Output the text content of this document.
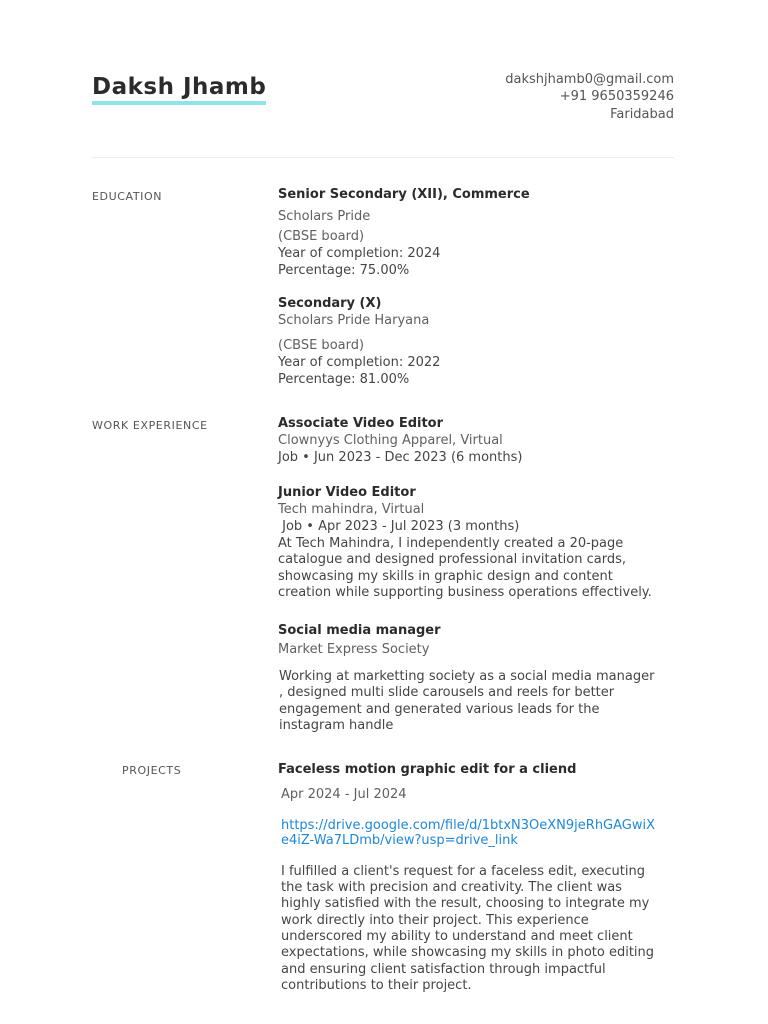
Daksh Jhamb	dakshjhamb0@gmail.com
+91 9650359246
Faridabad
EDUCATION	Senior Secondary (XII), Commerce
Scholars Pride
(CBSE board)
Year of completion: 2024
Percentage: 75.00%
Secondary (X)
Scholars Pride Haryana
(CBSE board)
Year of completion: 2022
Percentage: 81.00%
WORK EXPERIENCE	Associate Video Editor
Clownyys Clothing Apparel, Virtual
Job • Jun 2023 - Dec 2023 (6 months)
Junior Video Editor
Tech mahindra, Virtual
Job • Apr 2023 - Jul 2023 (3 months)
At Tech Mahindra, I independently created a 20-page
catalogue and designed professional invitation cards,
showcasing my skills in graphic design and content
creation while supporting business operations effectively.
Social media manager
Market Express Society
Working at marketting society as a social media manager
, designed multi slide carousels and reels for better
engagement and generated various leads for the
instagram handle
PROJECTS	Faceless motion graphic edit for a cliend
Apr 2024 - Jul 2024
https://drive.google.com/file/d/1btxN3OeXN9jeRhGAGwiX
e4iZ-Wa7LDmb/view?usp=drive_link
I fulfilled a client's request for a faceless edit, executing
the task with precision and creativity. The client was
highly satisfied with the result, choosing to integrate my
work directly into their project. This experience
underscored my ability to understand and meet client
expectations, while showcasing my skills in photo editing
and ensuring client satisfaction through impactful
contributions to their project.
